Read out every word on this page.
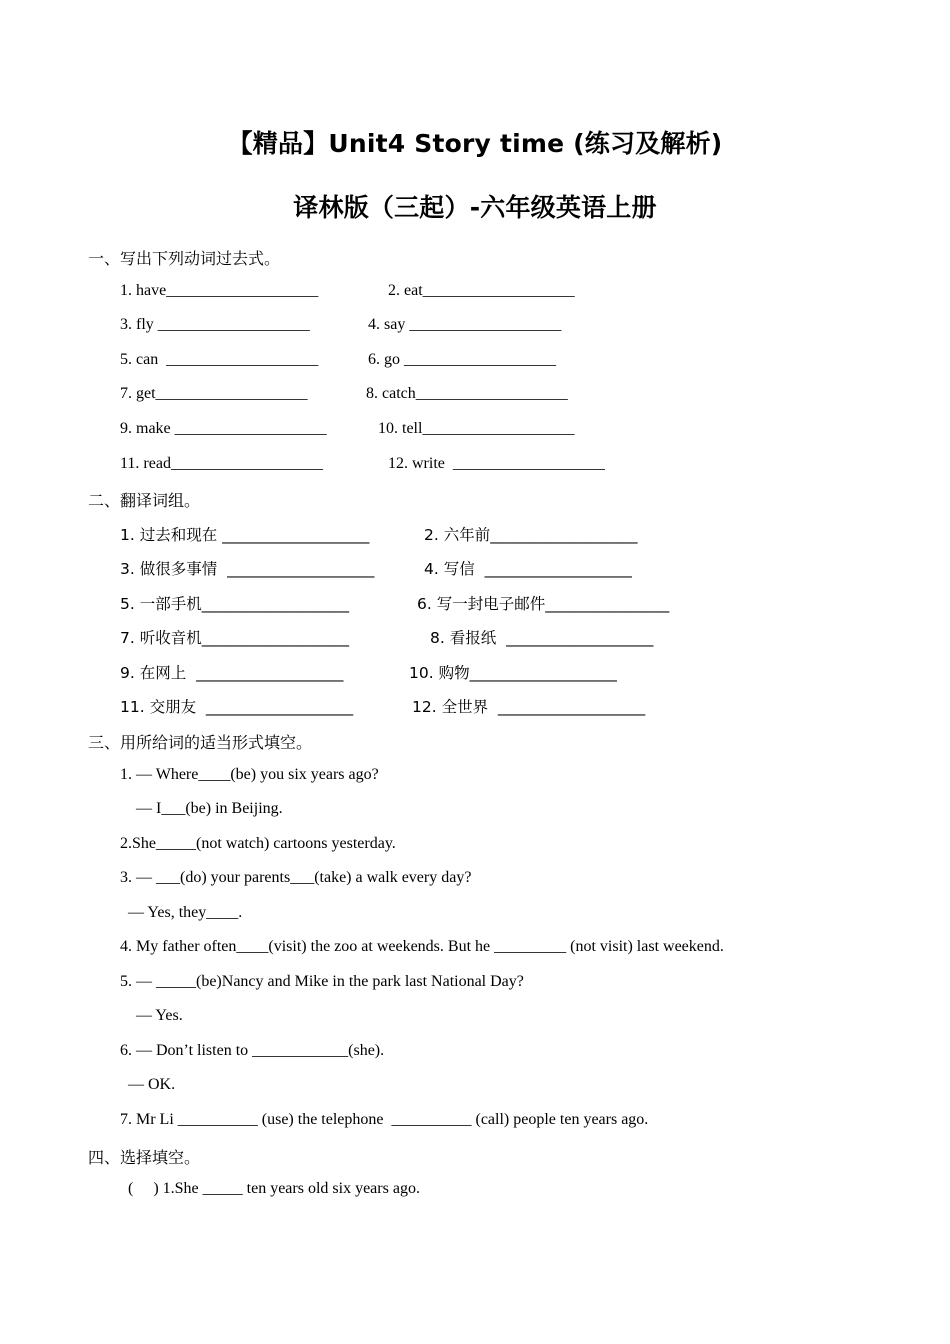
【精品】Unit4 Story time (练习及解析)
译林版（三起）-六年级英语上册
一、写出下列动词过去式。
1. have___________________	2. eat___________________
3. fly ___________________	4. say ___________________
5. can  ___________________	6. go ___________________
7. get___________________	8. catch___________________
9. make ___________________	10. tell___________________
11. read___________________	12. write  ___________________
二、翻译词组。
1. 过去和现在 ___________________	2. 六年前___________________
3. 做很多事情  ___________________	4. 写信  ___________________
5. 一部手机___________________	6. 写一封电子邮件________________
7. 听收音机___________________	8. 看报纸  ___________________
9. 在网上  ___________________	10. 购物___________________
11. 交朋友  ___________________	12. 全世界  ___________________
三、用所给词的适当形式填空。
1. — Where____(be) you six years ago?
— I___(be) in Beijing.
2.She_____(not watch) cartoons yesterday.
3. — ___(do) your parents___(take) a walk every day?
— Yes, they____.
4. My father often____(visit) the zoo at weekends. But he _________ (not visit) last weekend.
5. — _____(be)Nancy and Mike in the park last National Day?
— Yes.
6. — Don’t listen to ____________(she).
— OK.
7. Mr Li __________ (use) the telephone  __________ (call) people ten years ago.
四、选择填空。
(     ) 1.She _____ ten years old six years ago.
